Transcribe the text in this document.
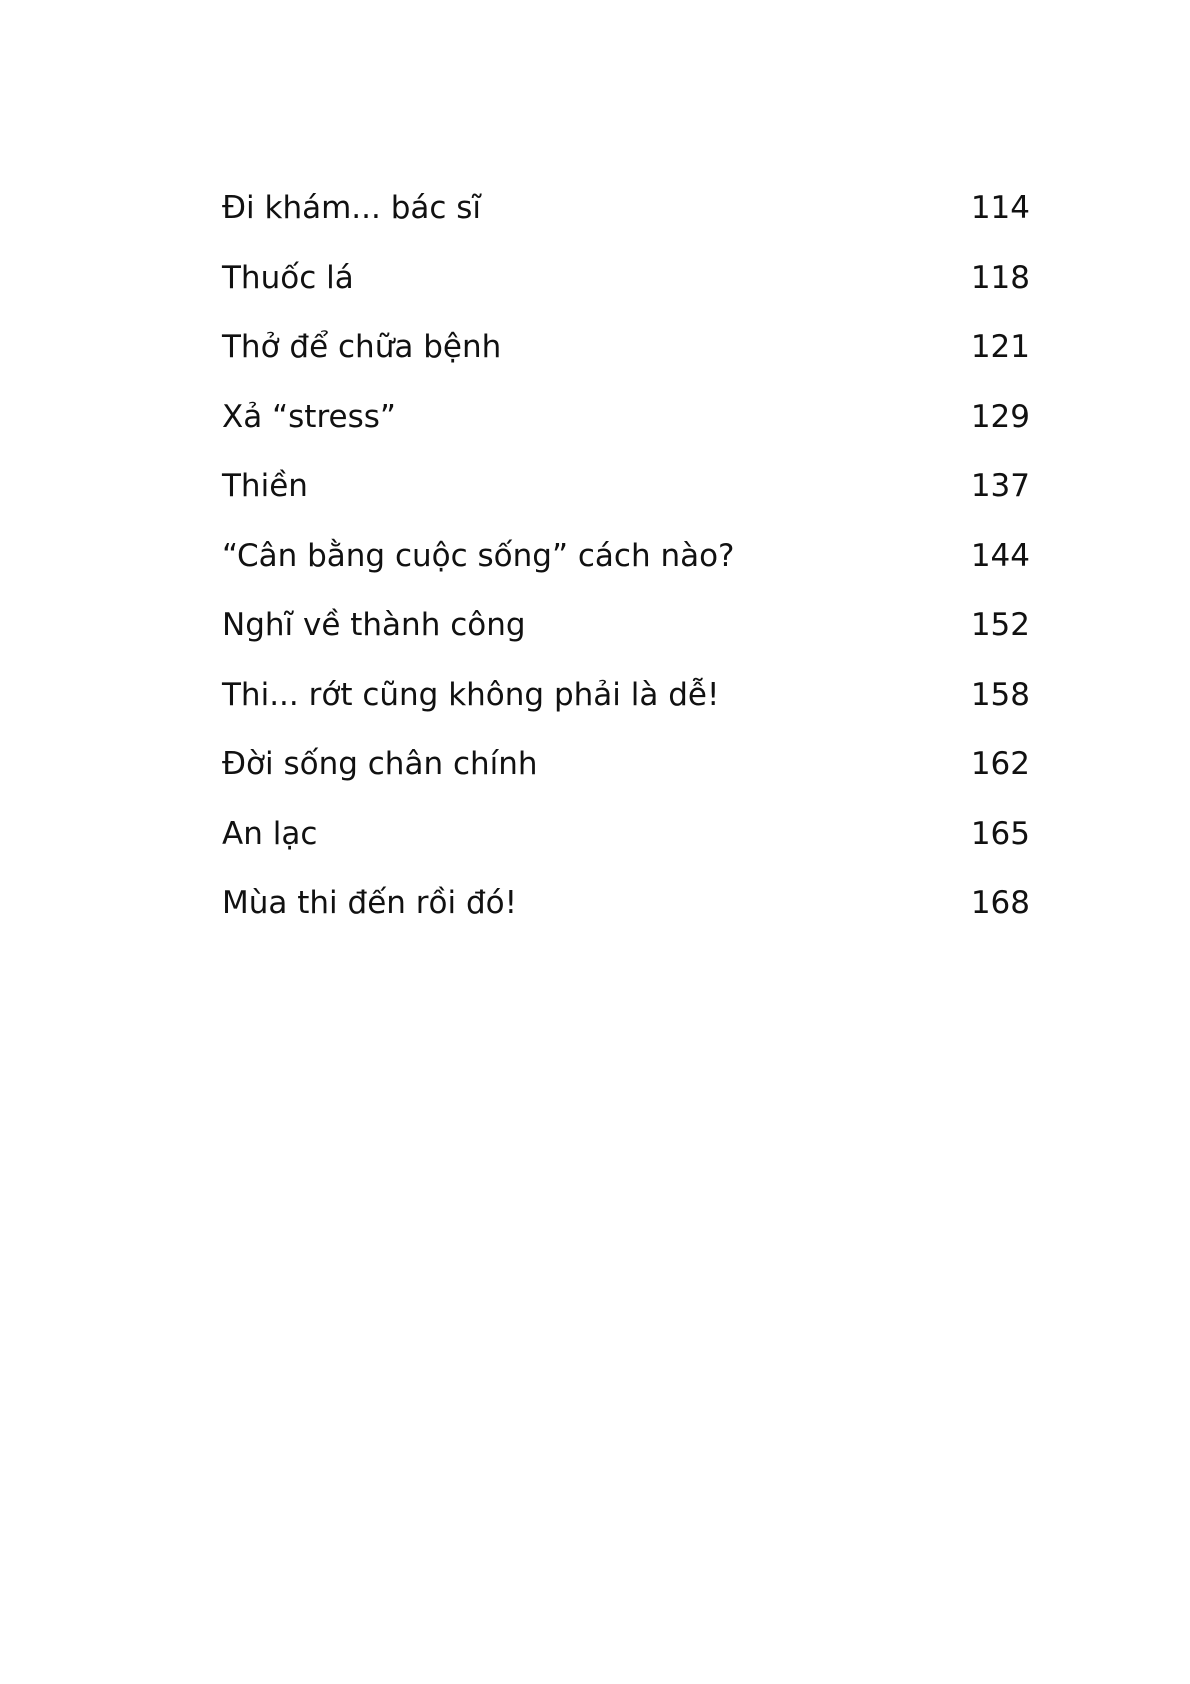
Đi khám... bác sĩ	114
Thuốc lá	118
Thở để chữa bệnh	121
Xả “stress”	129
Thiền	137
“Cân bằng cuộc sống” cách nào?	144
Nghĩ về thành công	152
Thi... rớt cũng không phải là dễ!	158
Đời sống chân chính	162
An lạc	165
Mùa thi đến rồi đó!	168
